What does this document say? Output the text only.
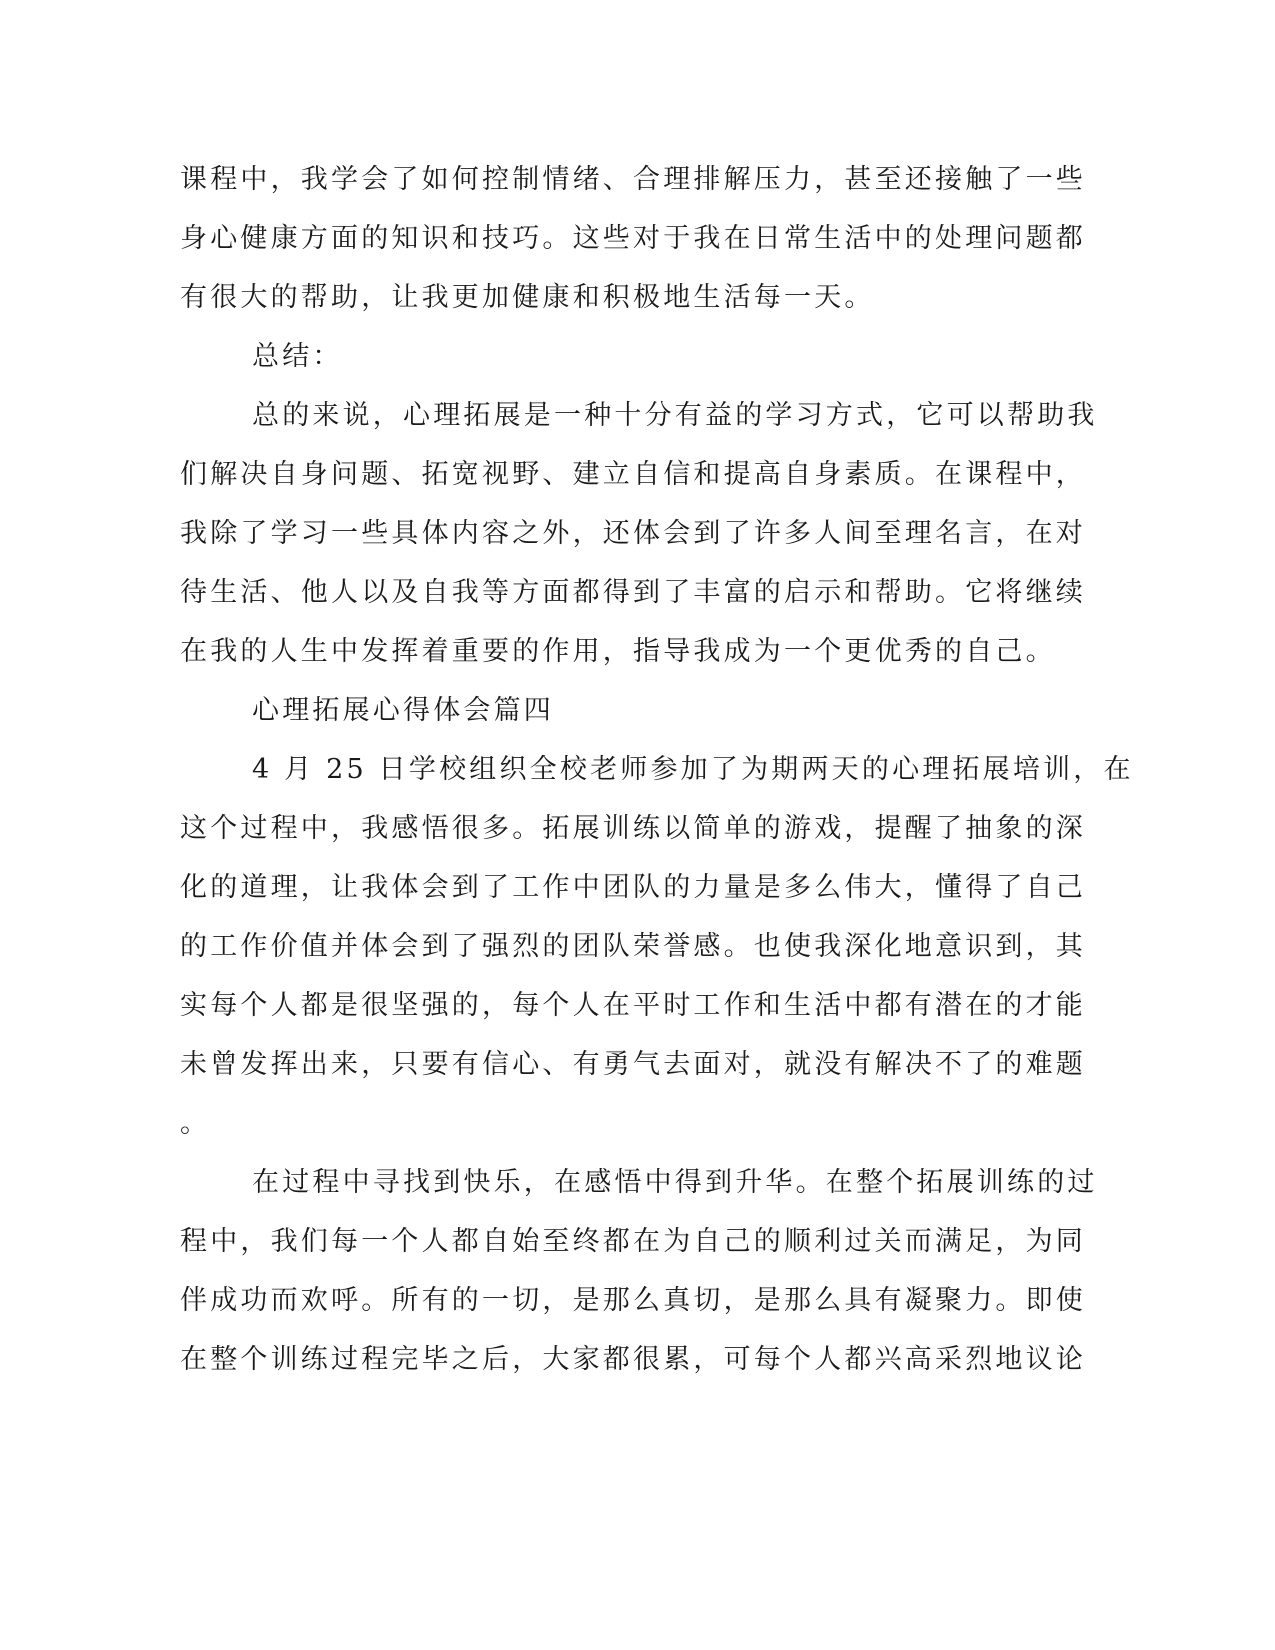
课程中，我学会了如何控制情绪、合理排解压力，甚至还接触了一些
身心健康方面的知识和技巧。这些对于我在日常生活中的处理问题都
有很大的帮助，让我更加健康和积极地生活每一天。
总结：
总的来说，心理拓展是一种十分有益的学习方式，它可以帮助我
们解决自身问题、拓宽视野、建立自信和提高自身素质。在课程中，
我除了学习一些具体内容之外，还体会到了许多人间至理名言，在对
待生活、他人以及自我等方面都得到了丰富的启示和帮助。它将继续
在我的人生中发挥着重要的作用，指导我成为一个更优秀的自己。
心理拓展心得体会篇四
4 月 25 日学校组织全校老师参加了为期两天的心理拓展培训，在
这个过程中，我感悟很多。拓展训练以简单的游戏，提醒了抽象的深
化的道理，让我体会到了工作中团队的力量是多么伟大，懂得了自己
的工作价值并体会到了强烈的团队荣誉感。也使我深化地意识到，其
实每个人都是很坚强的，每个人在平时工作和生活中都有潜在的才能
未曾发挥出来，只要有信心、有勇气去面对，就没有解决不了的难题
。
在过程中寻找到快乐，在感悟中得到升华。在整个拓展训练的过
程中，我们每一个人都自始至终都在为自己的顺利过关而满足，为同
伴成功而欢呼。所有的一切，是那么真切，是那么具有凝聚力。即使
在整个训练过程完毕之后，大家都很累，可每个人都兴高采烈地议论
